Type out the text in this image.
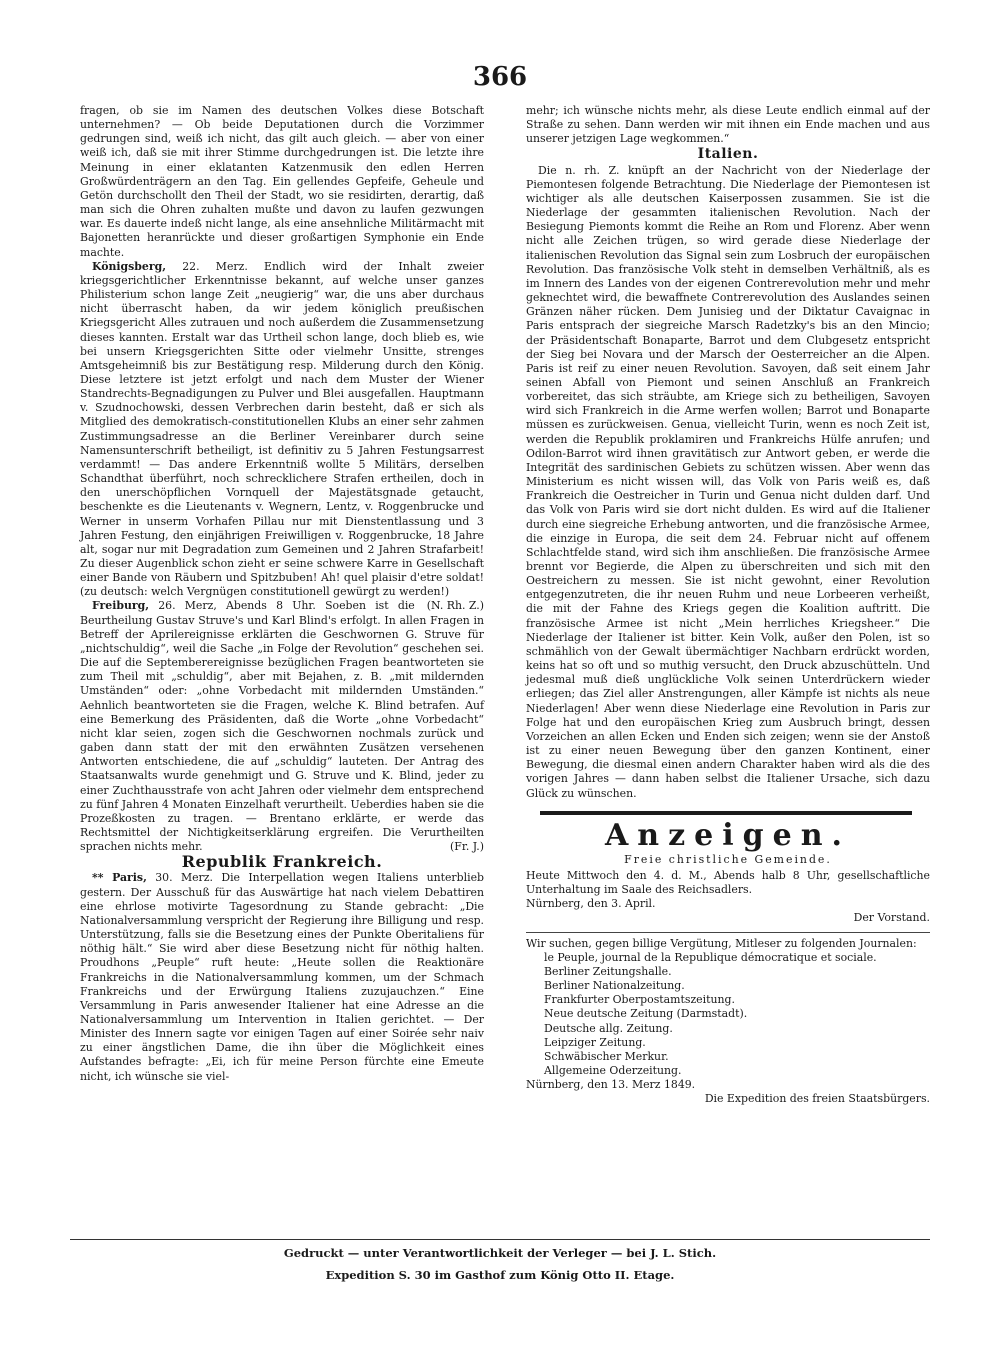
366

fragen, ob sie im Namen des deutschen Volkes diese Botschaft unternehmen? — Ob beide Deputationen durch die Vorzimmer gedrungen sind, weiß ich nicht, das gilt auch gleich. — aber von einer weiß ich, daß sie mit ihrer Stimme durchgedrungen ist. Die letzte ihre Meinung in einer eklatanten Katzenmusik den edlen Herren Großwürdenträgern an den Tag. Ein gellendes Gepfeife, Geheule und Getön durchschollt den Theil der Stadt, wo sie residirten, derartig, daß man sich die Ohren zuhalten mußte und davon zu laufen gezwungen war. Es dauerte indeß nicht lange, als eine ansehnliche Militärmacht mit Bajonetten heranrückte und dieser großartigen Symphonie ein Ende machte.

Königsberg, 22. Merz. Endlich wird der Inhalt zweier kriegsgerichtlicher Erkenntnisse bekannt, auf welche unser ganzes Philisterium schon lange Zeit „neugierig“ war, die uns aber durchaus nicht überrascht haben, da wir jedem königlich preußischen Kriegsgericht Alles zutrauen und noch außerdem die Zusammensetzung dieses kannten. Erstalt war das Urtheil schon lange, doch blieb es, wie bei unsern Kriegsgerichten Sitte oder vielmehr Unsitte, strenges Amtsgeheimniß bis zur Bestätigung resp. Milderung durch den König. Diese letztere ist jetzt erfolgt und nach dem Muster der Wiener Standrechts-Begnadigungen zu Pulver und Blei ausgefallen. Hauptmann v. Szudnochowski, dessen Verbrechen darin besteht, daß er sich als Mitglied des demokratisch-constitutionellen Klubs an einer sehr zahmen Zustimmungsadresse an die Berliner Vereinbarer durch seine Namensunterschrift betheiligt, ist definitiv zu 5 Jahren Festungsarrest verdammt! — Das andere Erkenntniß wollte 5 Militärs, derselben Schandthat überführt, noch schrecklichere Strafen ertheilen, doch in den unerschöpflichen Vornquell der Majestätsgnade getaucht, beschenkte es die Lieutenants v. Wegnern, Lentz, v. Roggenbrucke und Werner in unserm Vorhafen Pillau nur mit Dienstentlassung und 3 Jahren Festung, den einjährigen Freiwilligen v. Roggenbrucke, 18 Jahre alt, sogar nur mit Degradation zum Gemeinen und 2 Jahren Strafarbeit! Zu dieser Augenblick schon zieht er seine schwere Karre in Gesellschaft einer Bande von Räubern und Spitzbuben! Ah! quel plaisir d'etre soldat! (zu deutsch: welch Vergnügen constitutionell gewürgt zu werden!)
(N. Rh. Z.)

Freiburg, 26. Merz, Abends 8 Uhr. Soeben ist die Beurtheilung Gustav Struve's und Karl Blind's erfolgt. In allen Fragen in Betreff der Aprilereignisse erklärten die Geschwornen G. Struve für „nichtschuldig“, weil die Sache „in Folge der Revolution“ geschehen sei. Die auf die Septemberereignisse bezüglichen Fragen beantworteten sie zum Theil mit „schuldig“, aber mit Bejahen, z. B. „mit mildernden Umständen“ oder: „ohne Vorbedacht mit mildernden Umständen.“ Aehnlich beantworteten sie die Fragen, welche K. Blind betrafen. Auf eine Bemerkung des Präsidenten, daß die Worte „ohne Vorbedacht“ nicht klar seien, zogen sich die Geschwornen nochmals zurück und gaben dann statt der mit den erwähnten Zusätzen versehenen Antworten entschiedene, die auf „schuldig“ lauteten. Der Antrag des Staatsanwalts wurde genehmigt und G. Struve und K. Blind, jeder zu einer Zuchthausstrafe von acht Jahren oder vielmehr dem entsprechend zu fünf Jahren 4 Monaten Einzelhaft verurtheilt. Ueberdies haben sie die Prozeßkosten zu tragen. — Brentano erklärte, er werde das Rechtsmittel der Nichtigkeitserklärung ergreifen. Die Verurtheilten sprachen nichts mehr.	(Fr. J.)

Republik Frankreich.

** Paris, 30. Merz. Die Interpellation wegen Italiens unterblieb gestern. Der Ausschuß für das Auswärtige hat nach vielem Debattiren eine ehrlose motivirte Tagesordnung zu Stande gebracht: „Die Nationalversammlung verspricht der Regierung ihre Billigung und resp. Unterstützung, falls sie die Besetzung eines der Punkte Oberitaliens für nöthig hält.“ Sie wird aber diese Besetzung nicht für nöthig halten. Proudhons „Peuple“ ruft heute: „Heute sollen die Reaktionäre Frankreichs in die Nationalversammlung kommen, um der Schmach Frankreichs und der Erwürgung Italiens zuzujauchzen.“ Eine Versammlung in Paris anwesender Italiener hat eine Adresse an die Nationalversammlung um Intervention in Italien gerichtet. — Der Minister des Innern sagte vor einigen Tagen auf einer Soirée sehr naiv zu einer ängstlichen Dame, die ihn über die Möglichkeit eines Aufstandes befragte: „Ei, ich für meine Person fürchte eine Emeute nicht, ich wünsche sie viel-

mehr; ich wünsche nichts mehr, als diese Leute endlich einmal auf der Straße zu sehen. Dann werden wir mit ihnen ein Ende machen und aus unserer jetzigen Lage wegkommen.“

Italien.

Die n. rh. Z. knüpft an der Nachricht von der Niederlage der Piemontesen folgende Betrachtung. Die Niederlage der Piemontesen ist wichtiger als alle deutschen Kaiserpossen zusammen. Sie ist die Niederlage der gesammten italienischen Revolution. Nach der Besiegung Piemonts kommt die Reihe an Rom und Florenz. Aber wenn nicht alle Zeichen trügen, so wird gerade diese Niederlage der italienischen Revolution das Signal sein zum Losbruch der europäischen Revolution. Das französische Volk steht in demselben Verhältniß, als es im Innern des Landes von der eigenen Contrerevolution mehr und mehr geknechtet wird, die bewaffnete Contrerevolution des Auslandes seinen Gränzen näher rücken. Dem Junisieg und der Diktatur Cavaignac in Paris entsprach der siegreiche Marsch Radetzky's bis an den Mincio; der Präsidentschaft Bonaparte, Barrot und dem Clubgesetz entspricht der Sieg bei Novara und der Marsch der Oesterreicher an die Alpen. Paris ist reif zu einer neuen Revolution. Savoyen, daß seit einem Jahr seinen Abfall von Piemont und seinen Anschluß an Frankreich vorbereitet, das sich sträubte, am Kriege sich zu betheiligen, Savoyen wird sich Frankreich in die Arme werfen wollen; Barrot und Bonaparte müssen es zurückweisen. Genua, vielleicht Turin, wenn es noch Zeit ist, werden die Republik proklamiren und Frankreichs Hülfe anrufen; und Odilon-Barrot wird ihnen gravitätisch zur Antwort geben, er werde die Integrität des sardinischen Gebiets zu schützen wissen. Aber wenn das Ministerium es nicht wissen will, das Volk von Paris weiß es, daß Frankreich die Oestreicher in Turin und Genua nicht dulden darf. Und das Volk von Paris wird sie dort nicht dulden. Es wird auf die Italiener durch eine siegreiche Erhebung antworten, und die französische Armee, die einzige in Europa, die seit dem 24. Februar nicht auf offenem Schlachtfelde stand, wird sich ihm anschließen. Die französische Armee brennt vor Begierde, die Alpen zu überschreiten und sich mit den Oestreichern zu messen. Sie ist nicht gewohnt, einer Revolution entgegenzutreten, die ihr neuen Ruhm und neue Lorbeeren verheißt, die mit der Fahne des Kriegs gegen die Koalition auftritt. Die französische Armee ist nicht „Mein herrliches Kriegsheer.“ Die Niederlage der Italiener ist bitter. Kein Volk, außer den Polen, ist so schmählich von der Gewalt übermächtiger Nachbarn erdrückt worden, keins hat so oft und so muthig versucht, den Druck abzuschütteln. Und jedesmal muß dieß unglückliche Volk seinen Unterdrückern wieder erliegen; das Ziel aller Anstrengungen, aller Kämpfe ist nichts als neue Niederlagen! Aber wenn diese Niederlage eine Revolution in Paris zur Folge hat und den europäischen Krieg zum Ausbruch bringt, dessen Vorzeichen an allen Ecken und Enden sich zeigen; wenn sie der Anstoß ist zu einer neuen Bewegung über den ganzen Kontinent, einer Bewegung, die diesmal einen andern Charakter haben wird als die des vorigen Jahres — dann haben selbst die Italiener Ursache, sich dazu Glück zu wünschen.

Anzeigen.
Freie christliche Gemeinde.

Heute Mittwoch den 4. d. M., Abends halb 8 Uhr, gesellschaftliche Unterhaltung im Saale des Reichsadlers.

Nürnberg, den 3. April.

Der Vorstand.

Wir suchen, gegen billige Vergütung, Mitleser zu folgenden Journalen:

le Peuple, journal de la Republique démocratique et sociale.
Berliner Zeitungshalle.
Berliner Nationalzeitung.
Frankfurter Oberpostamtszeitung.
Neue deutsche Zeitung (Darmstadt).
Deutsche allg. Zeitung.
Leipziger Zeitung.
Schwäbischer Merkur.
Allgemeine Oderzeitung.

Nürnberg, den 13. Merz 1849.

Die Expedition des freien Staatsbürgers.

Gedruckt — unter Verantwortlichkeit der Verleger — bei J. L. Stich.
Expedition S. 30 im Gasthof zum König Otto II. Etage.
